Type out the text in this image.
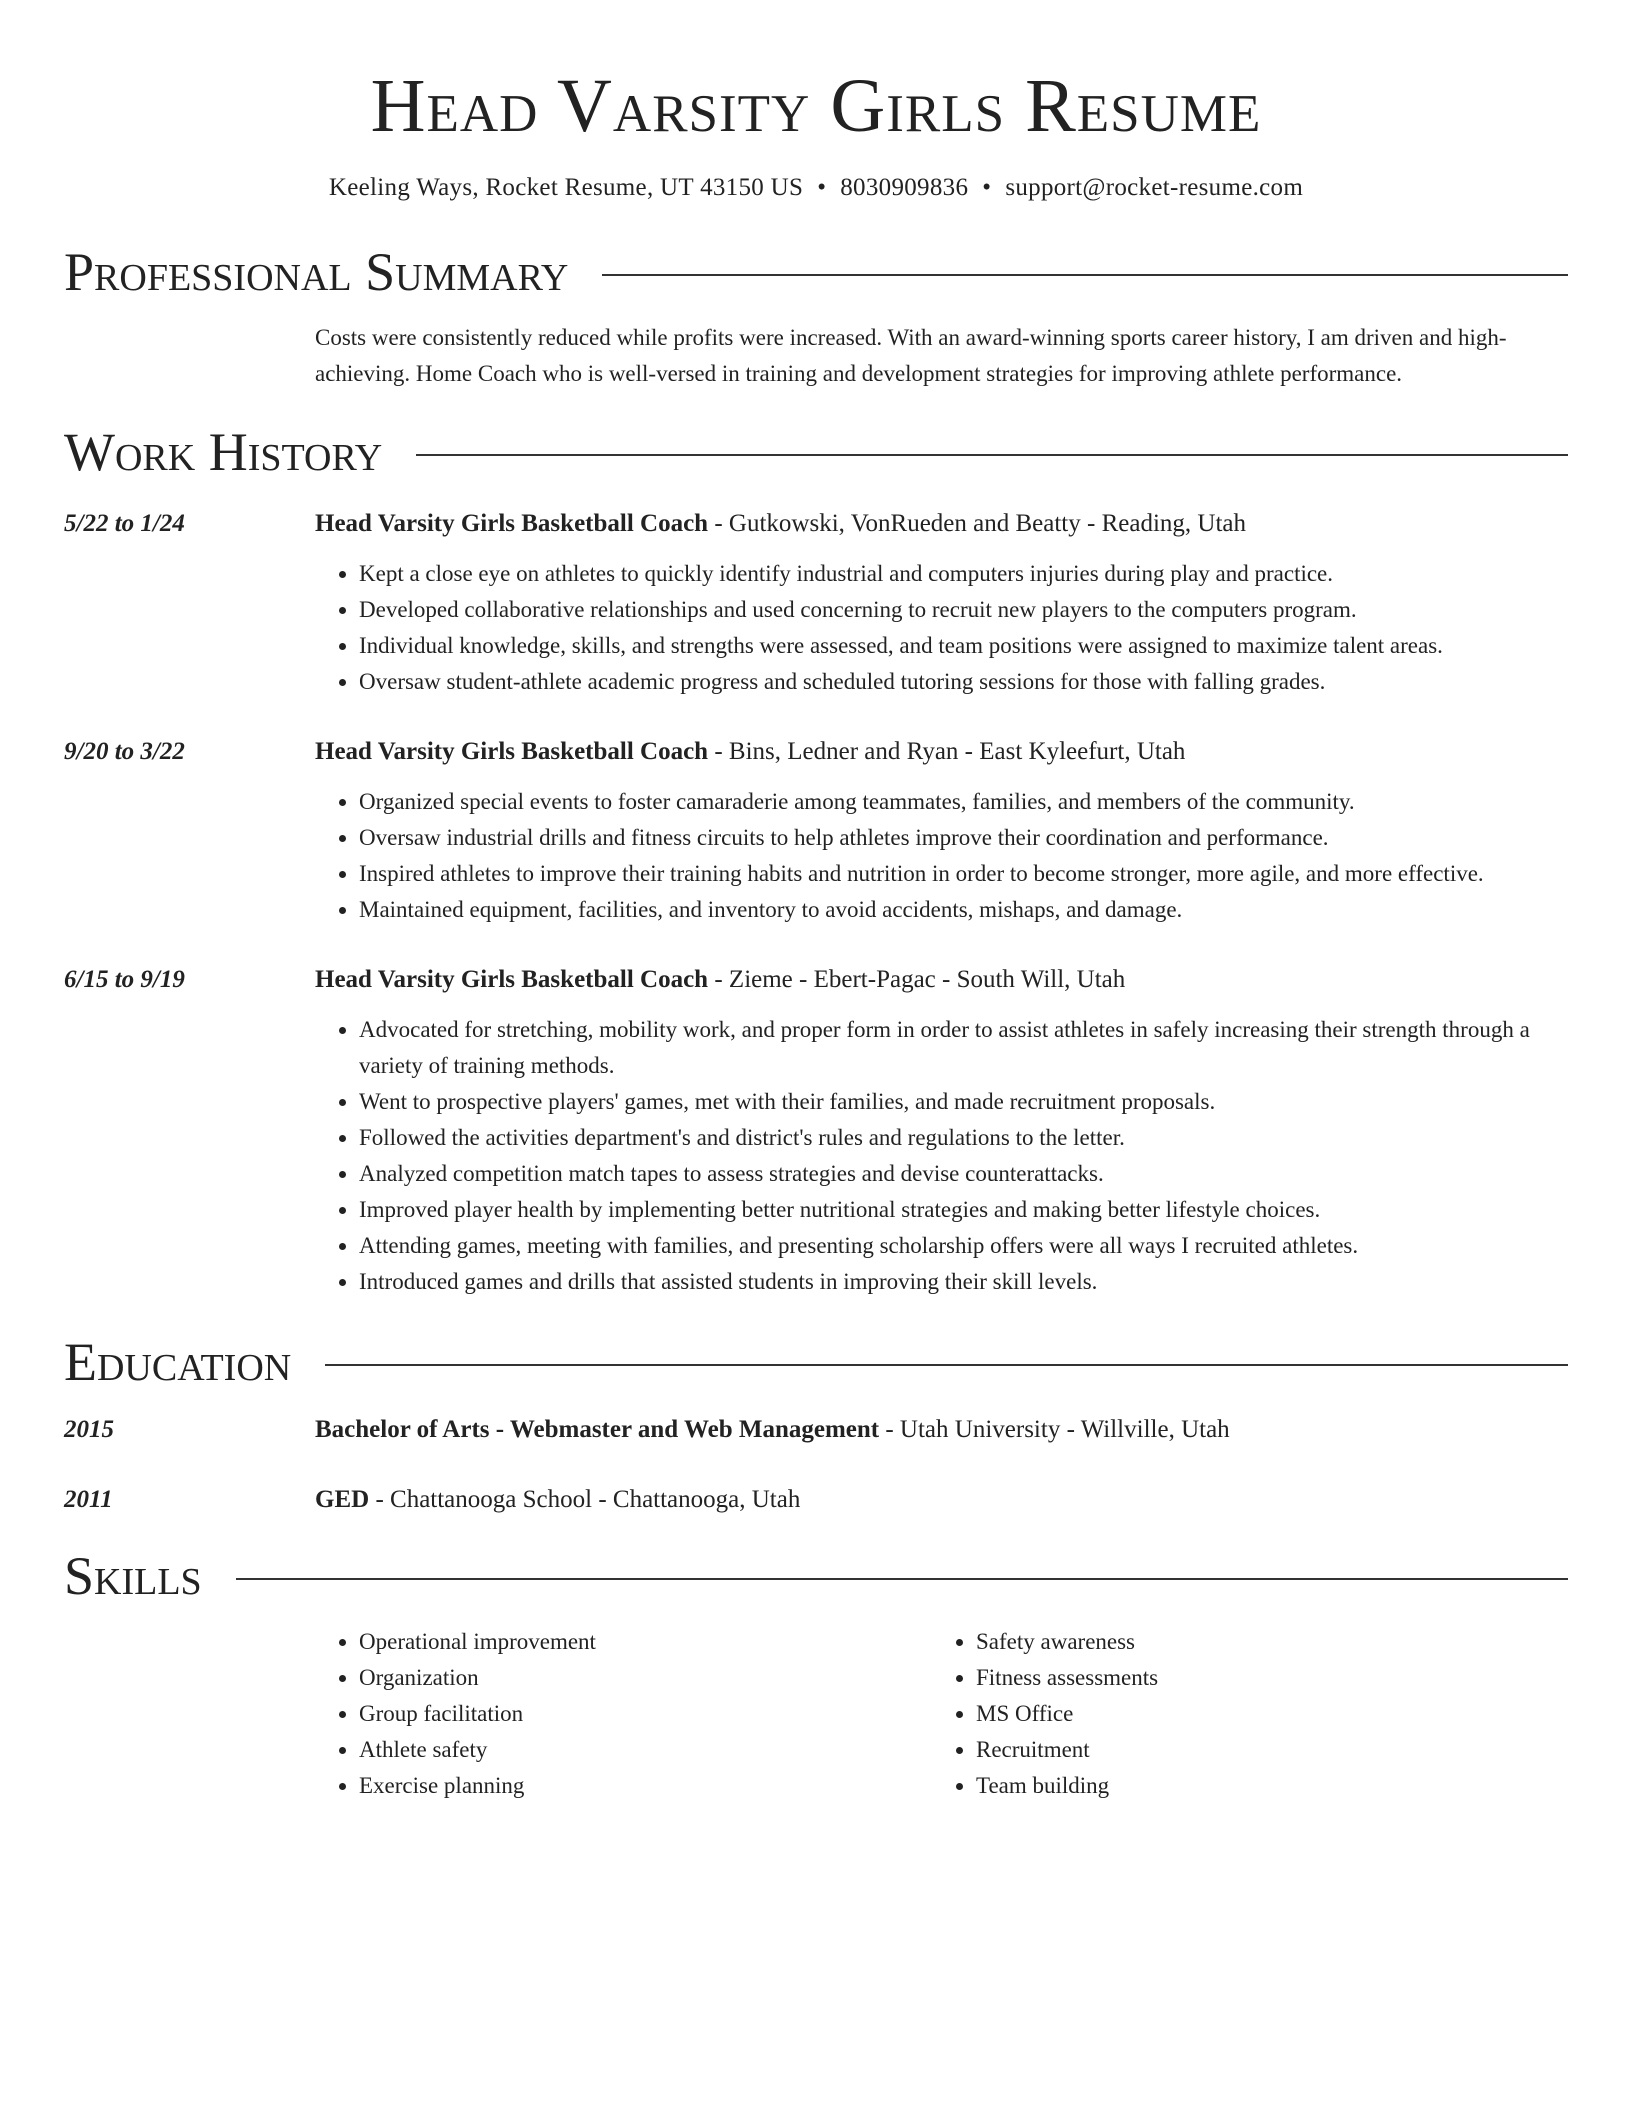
Head Varsity Girls Resume
Keeling Ways, Rocket Resume, UT 43150 US • 8030909836 • support@rocket-resume.com
Professional Summary
Costs were consistently reduced while profits were increased. With an award-winning sports career history, I am driven and high-achieving. Home Coach who is well-versed in training and development strategies for improving athlete performance.
Work History
5/22 to 1/24	Head Varsity Girls Basketball Coach - Gutkowski, VonRueden and Beatty - Reading, Utah
• Kept a close eye on athletes to quickly identify industrial and computers injuries during play and practice.
• Developed collaborative relationships and used concerning to recruit new players to the computers program.
• Individual knowledge, skills, and strengths were assessed, and team positions were assigned to maximize talent areas.
• Oversaw student-athlete academic progress and scheduled tutoring sessions for those with falling grades.
9/20 to 3/22	Head Varsity Girls Basketball Coach - Bins, Ledner and Ryan - East Kyleefurt, Utah
• Organized special events to foster camaraderie among teammates, families, and members of the community.
• Oversaw industrial drills and fitness circuits to help athletes improve their coordination and performance.
• Inspired athletes to improve their training habits and nutrition in order to become stronger, more agile, and more effective.
• Maintained equipment, facilities, and inventory to avoid accidents, mishaps, and damage.
6/15 to 9/19	Head Varsity Girls Basketball Coach - Zieme - Ebert-Pagac - South Will, Utah
• Advocated for stretching, mobility work, and proper form in order to assist athletes in safely increasing their strength through a variety of training methods.
• Went to prospective players' games, met with their families, and made recruitment proposals.
• Followed the activities department's and district's rules and regulations to the letter.
• Analyzed competition match tapes to assess strategies and devise counterattacks.
• Improved player health by implementing better nutritional strategies and making better lifestyle choices.
• Attending games, meeting with families, and presenting scholarship offers were all ways I recruited athletes.
• Introduced games and drills that assisted students in improving their skill levels.
Education
2015	Bachelor of Arts - Webmaster and Web Management - Utah University - Willville, Utah
2011	GED - Chattanooga School - Chattanooga, Utah
Skills
• Operational improvement
• Organization
• Group facilitation
• Athlete safety
• Exercise planning
• Safety awareness
• Fitness assessments
• MS Office
• Recruitment
• Team building
